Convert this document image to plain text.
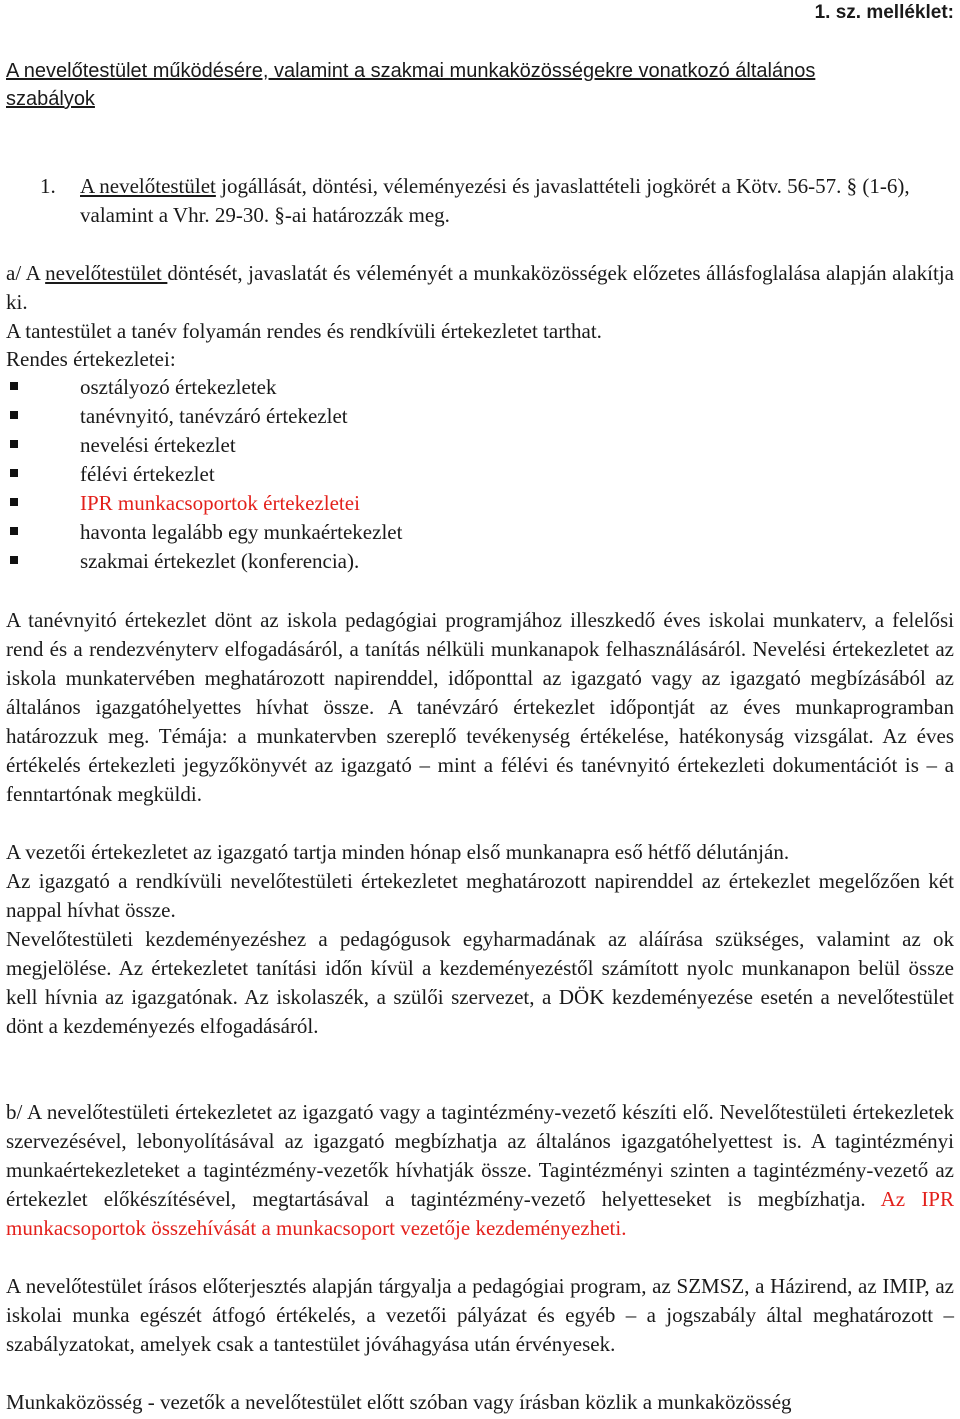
1. sz. melléklet:
A nevelőtestület működésére, valamint a szakmai munkaközösségekre vonatkozó általános szabályok
1. A nevelőtestület jogállását, döntési, véleményezési és javaslattételi jogkörét a Kötv. 56-57. § (1-6), valamint a Vhr. 29-30. §-ai határozzák meg.
a/ A nevelőtestület döntését, javaslatát és véleményét a munkaközösségek előzetes állásfoglalása alapján alakítja ki.
A tantestület a tanév folyamán rendes és rendkívüli értekezletet tarthat.
Rendes értekezletei:
osztályozó értekezletek
tanévnyitó, tanévzáró értekezlet
nevelési értekezlet
félévi értekezlet
IPR munkacsoportok értekezletei
havonta legalább egy munkaértekezlet
szakmai értekezlet (konferencia).
A tanévnyitó értekezlet dönt az iskola pedagógiai programjához illeszkedő éves iskolai munkaterv, a felelősi rend és a rendezvényterv elfogadásáról, a tanítás nélküli munkanapok felhasználásáról. Nevelési értekezletet az iskola munkatervében meghatározott napirenddel, időponttal az igazgató vagy az igazgató megbízásából az általános igazgatóhelyettes hívhat össze. A tanévzáró értekezlet időpontját az éves munkaprogramban határozzuk meg. Témája: a munkatervben szereplő tevékenység értékelése, hatékonyság vizsgálat. Az éves értékelés értekezleti jegyzőkönyvét az igazgató – mint a félévi és tanévnyitó értekezleti dokumentációt is – a fenntartónak megküldi.
A vezetői értekezletet az igazgató tartja minden hónap első munkanapra eső hétfő délutánján.
Az igazgató a rendkívüli nevelőtestületi értekezletet meghatározott napirenddel az értekezlet megelőzően két nappal hívhat össze.
Nevelőtestületi kezdeményezéshez a pedagógusok egyharmadának az aláírása szükséges, valamint az ok megjelölése. Az értekezletet tanítási időn kívül a kezdeményezéstől számított nyolc munkanapon belül össze kell hívnia az igazgatónak. Az iskolaszék, a szülői szervezet, a DÖK kezdeményezése esetén a nevelőtestület dönt a kezdeményezés elfogadásáról.
b/ A nevelőtestületi értekezletet az igazgató vagy a tagintézmény-vezető készíti elő. Nevelőtestületi értekezletek szervezésével, lebonyolításával az igazgató megbízhatja az általános igazgatóhelyettest is. A tagintézményi munkaértekezleteket a tagintézmény-vezetők hívhatják össze. Tagintézményi szinten a tagintézmény-vezető az értekezlet előkészítésével, megtartásával a tagintézmény-vezető helyetteseket is megbízhatja. Az IPR munkacsoportok összehívását a munkacsoport vezetője kezdeményezheti.
A nevelőtestület írásos előterjesztés alapján tárgyalja a pedagógiai program, az SZMSZ, a Házirend, az IMIP, az iskolai munka egészét átfogó értékelés, a vezetői pályázat és egyéb – a jogszabály által meghatározott – szabályzatokat, amelyek csak a tantestület jóváhagyása után érvényesek.
Munkaközösség - vezetők a nevelőtestület előtt szóban vagy írásban közlik a munkaközösség
